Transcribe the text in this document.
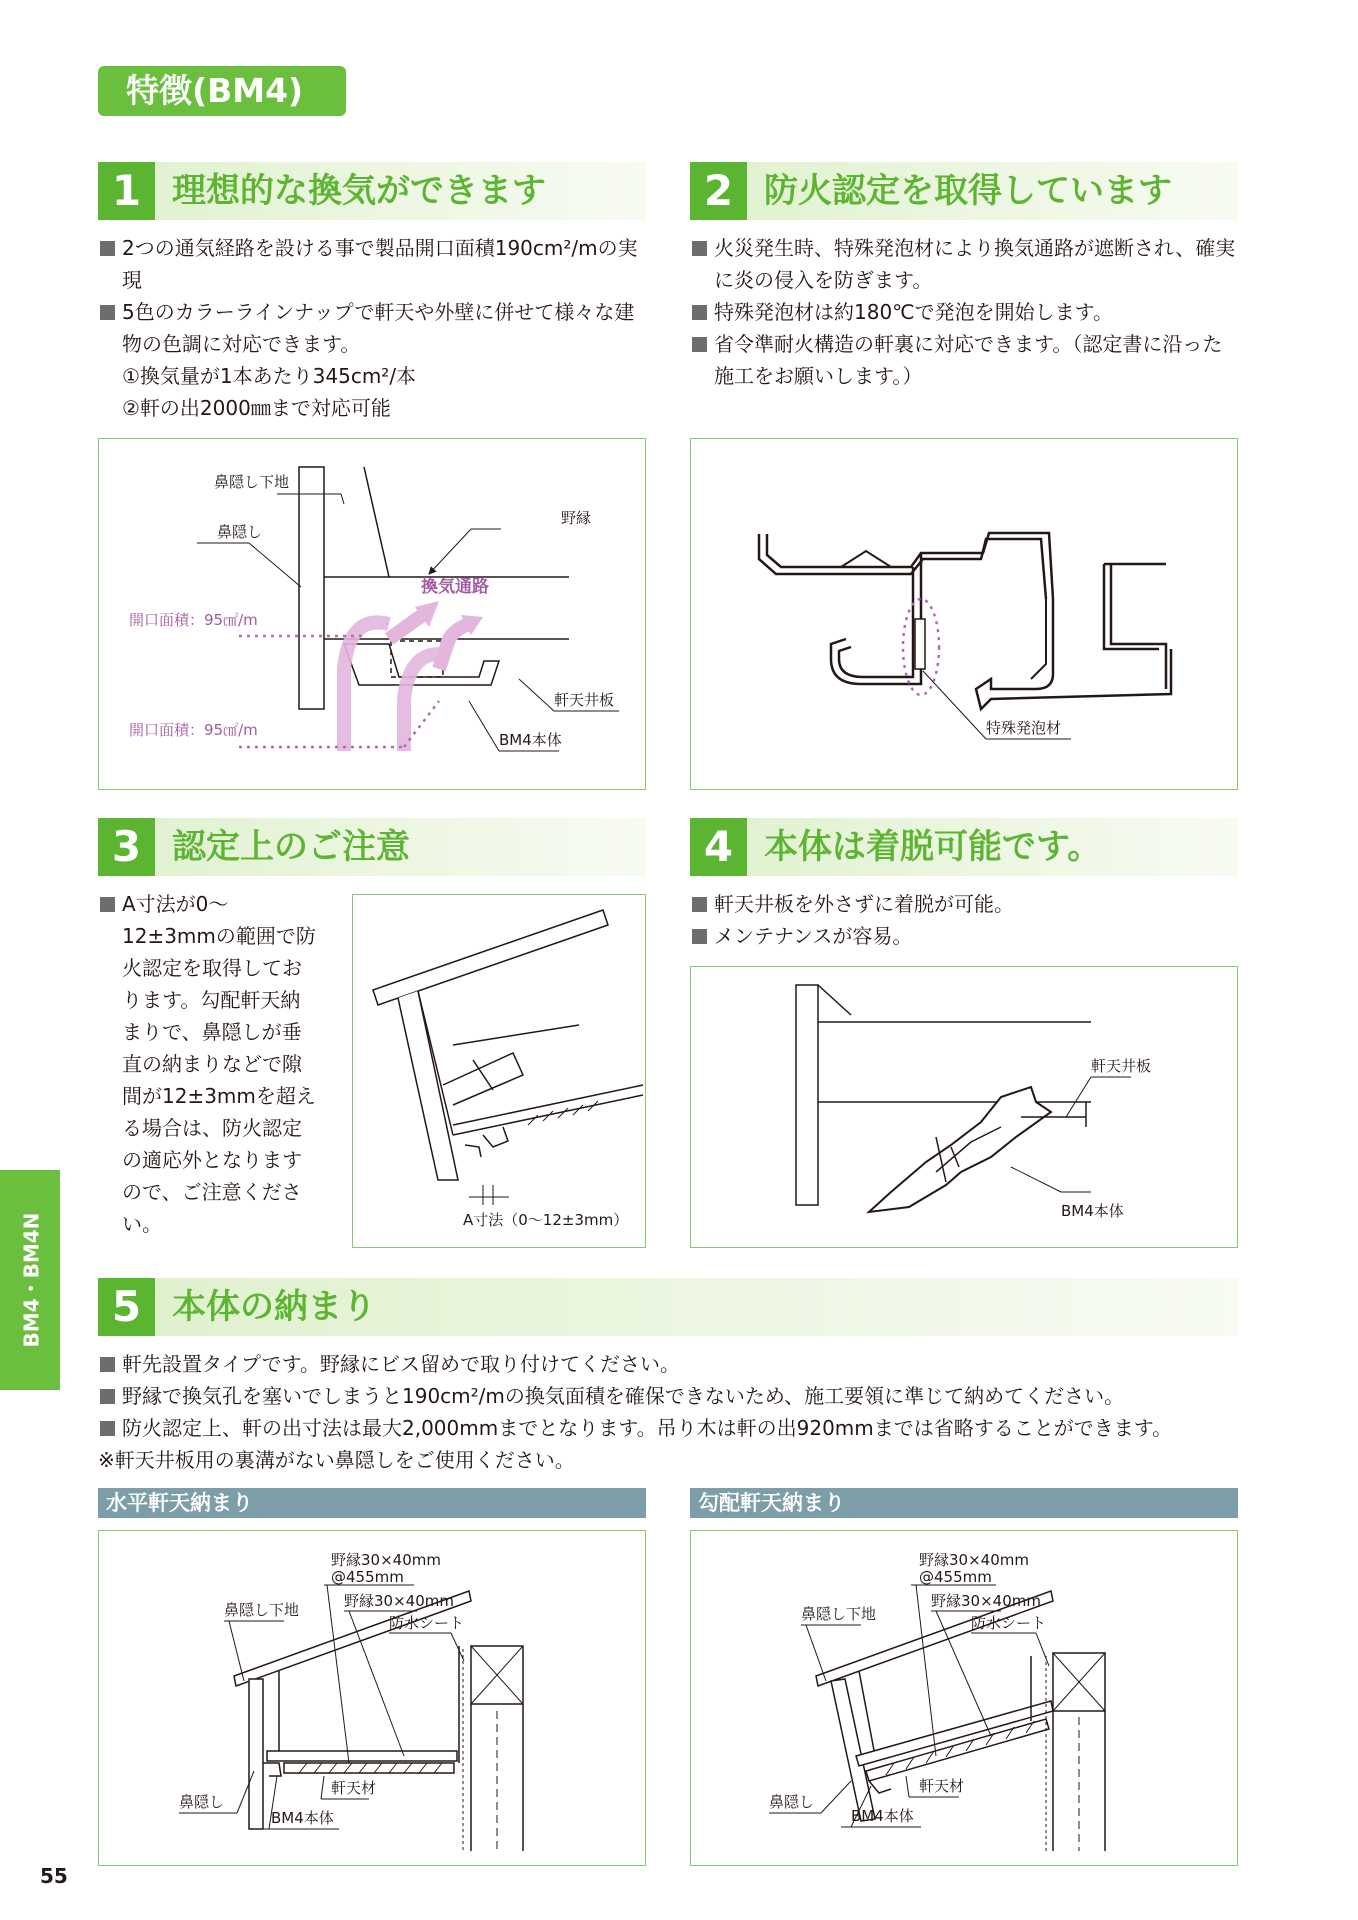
特徴(BM4)
1 理想的な換気ができます
2つの通気経路を設ける事で製品開口面積190cm²/mの実現
5色のカラーラインナップで軒天や外壁に併せて様々な建物の色調に対応できます。
①換気量が1本あたり345cm²/本
②軒の出2000㎜まで対応可能
鼻隠し下地
鼻隠し
野縁
換気通路
開口面積：95㎠/m
開口面積：95㎠/m
軒天井板
BM4本体
2 防火認定を取得しています
火災発生時、特殊発泡材により換気通路が遮断され、確実に炎の侵入を防ぎます。
特殊発泡材は約180℃で発泡を開始します。
省令準耐火構造の軒裏に対応できます。（認定書に沿った施工をお願いします。）
特殊発泡材
3 認定上のご注意
A寸法が0～12±3mmの範囲で防火認定を取得しております。勾配軒天納まりで、鼻隠しが垂直の納まりなどで隙間が12±3mmを超える場合は、防火認定の適応外となりますので、ご注意ください。	A寸法（0～12±3mm）
4 本体は着脱可能です。
軒天井板を外さずに着脱が可能。
メンテナンスが容易。
軒天井板
BM4本体
5 本体の納まり
軒先設置タイプです。野縁にビス留めで取り付けてください。
野縁で換気孔を塞いでしまうと190cm²/mの換気面積を確保できないため、施工要領に準じて納めてください。
防火認定上、軒の出寸法は最大2,000mmまでとなります。吊り木は軒の出920mmまでは省略することができます。
※軒天井板用の裏溝がない鼻隠しをご使用ください。
水平軒天納まり	勾配軒天納まり
野縁30×40mm
@455mm
野縁30×40mm
鼻隠し下地
防水シート
鼻隠し
軒天材
BM4本体
野縁30×40mm
@455mm
野縁30×40mm
鼻隠し下地	防水シート
鼻隠し
軒天材
BM4本体
BM4・BM4N
55
